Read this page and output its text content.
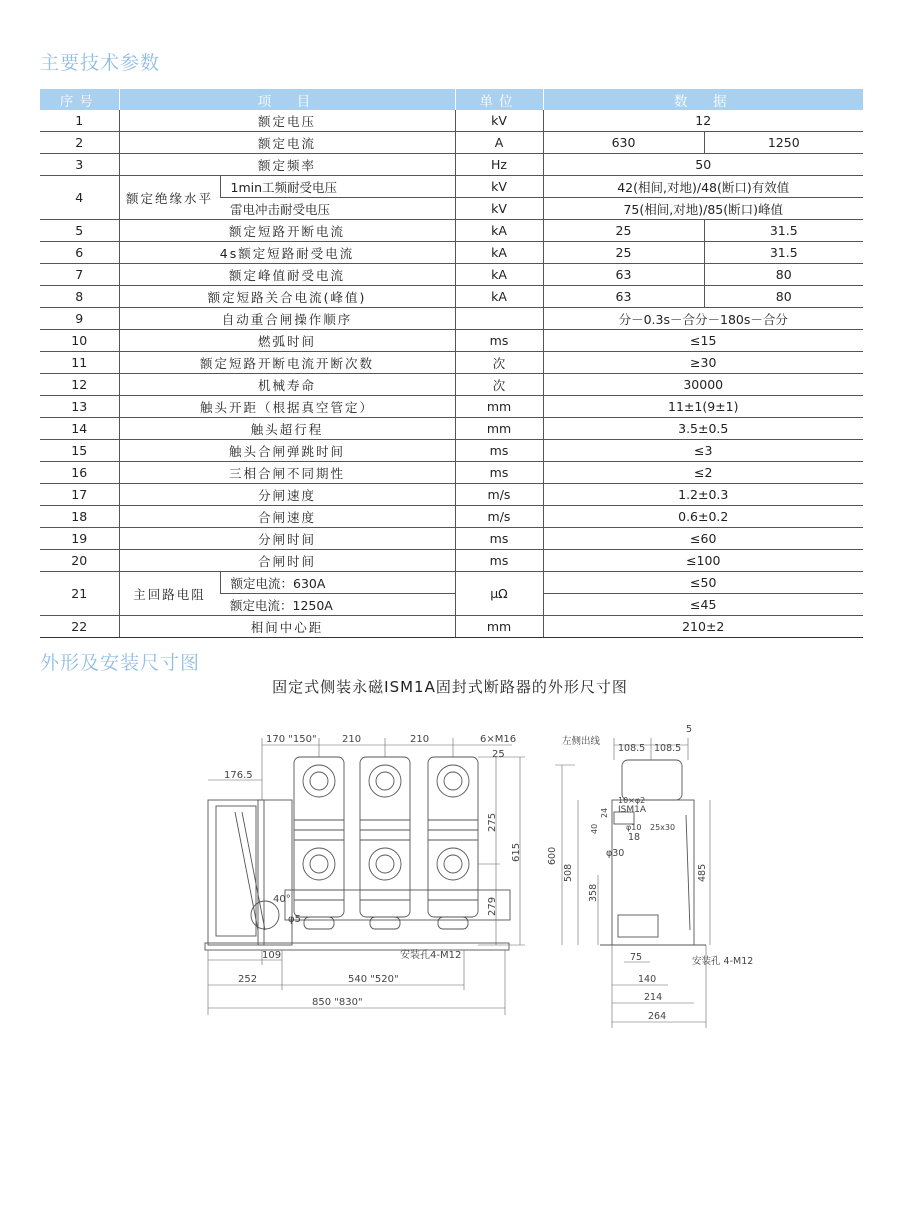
主要技术参数
序号	项　目		单位	数　据	
1	额定电压		kV	12	
2	额定电流		A	630	1250
3	额定频率		Hz	50	
4	额定绝缘水平	1min工频耐受电压	kV	42(相间,对地)/48(断口)有效值	
		雷电冲击耐受电压	kV	75(相间,对地)/85(断口)峰值	
5	额定短路开断电流		kA	25	31.5
6	4s额定短路耐受电流		kA	25	31.5
7	额定峰值耐受电流		kA	63	80
8	额定短路关合电流(峰值)		kA	63	80
9	自动重合闸操作顺序			分－0.3s－合分－180s－合分	
10	燃弧时间		ms	≤15	
11	额定短路开断电流开断次数		次	≥30	
12	机械寿命		次	30000	
13	触头开距（根据真空管定）		mm	11±1(9±1)	
14	触头超行程		mm	3.5±0.5	
15	触头合闸弹跳时间		ms	≤3	
16	三相合闸不同期性		ms	≤2	
17	分闸速度		m/s	1.2±0.3	
18	合闸速度		m/s	0.6±0.2	
19	分闸时间		ms	≤60	
20	合闸时间		ms	≤100	
21	主回路电阻	额定电流：630A	μΩ	≤50	
		额定电流：1250A		≤45	
22	相间中心距		mm	210±2	
外形及安装尺寸图
固定式侧装永磁ISM1A固封式断路器的外形尺寸图
170 "150"	210	210	6×M16
25
176.5
275
615
279
40°
φ5
109	安装孔4-M12
252	540 "520"
850 "830"
5
左侧出线
108.5 108.5
10×φ2
ISM1A
24
40	φ10 25x30
18
φ30
600
508
358
485
75	安装孔 4-M12
140
214
264
